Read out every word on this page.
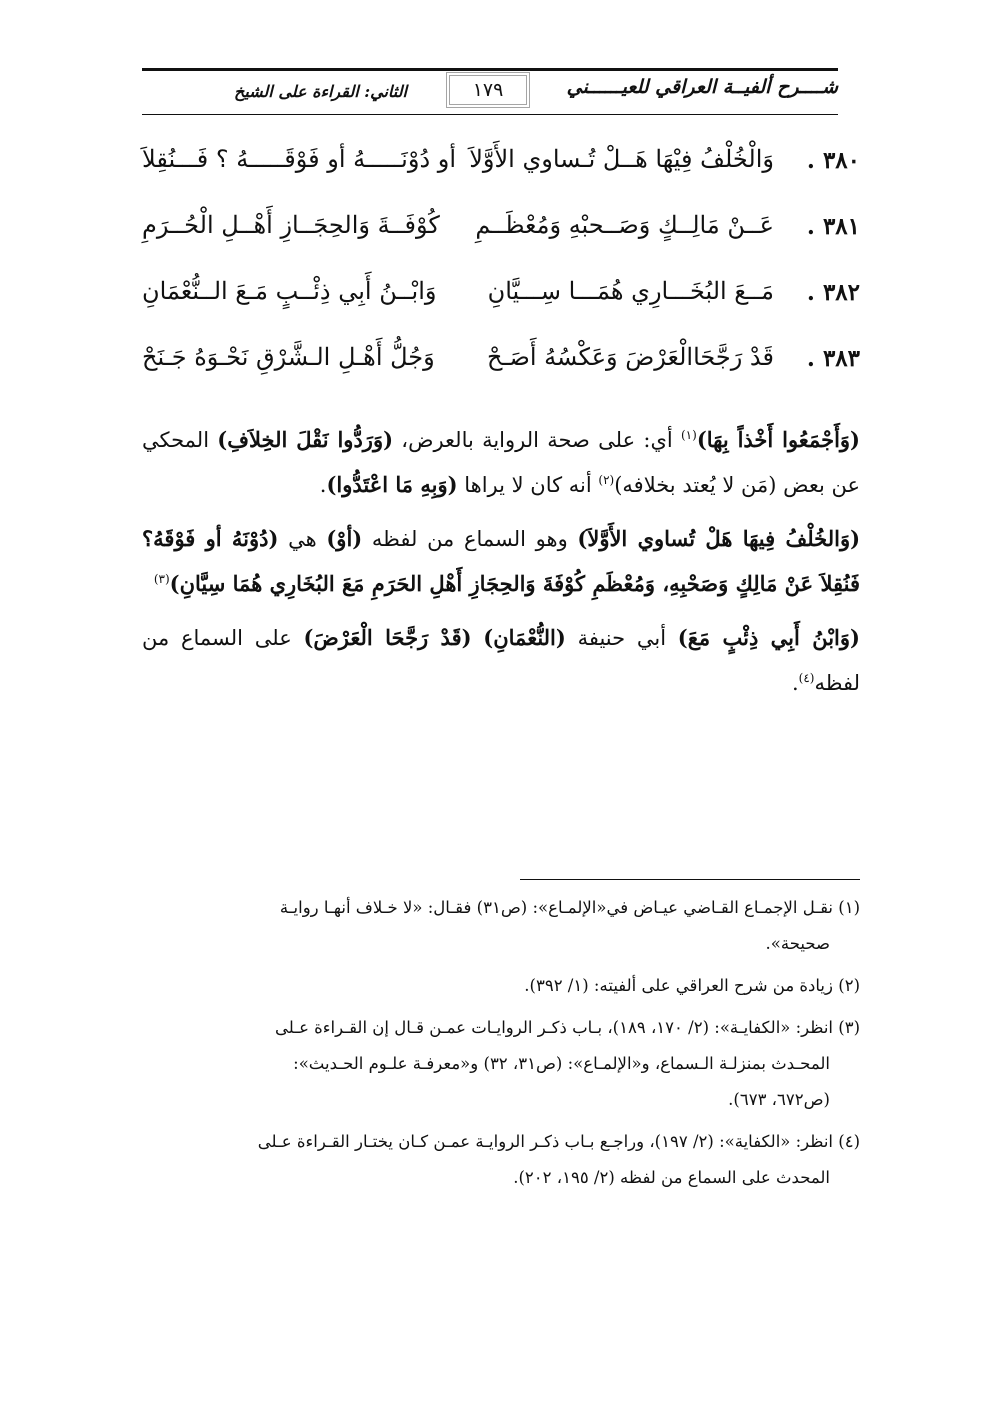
شــــرح ألفيــة العراقي للعيــــــني
١٧٩
الثاني: القراءة على الشيخ
٣٨٠ .
وَالْخُلْفُ فِيْهَا هَــلْ تُـساوي الأَوَّلاَ
أو دُوْنَـــــهُ أو فَوْقَـــــهُ ؟ فَـــنُقِلاَ
٣٨١ .
عَــنْ مَالِــكٍ وَصَــحبْهِ وَمُعْظَــمِ
كُوْفَــةَ وَالحِجَــازِ أَهْــلِ الْحُــرَمِ
٣٨٢ .
مَــعَ البُخَـــارِي هُمَـــا سِـــيَّانِ
وَابْــنُ أَبِي ذِئْــبٍ مَـعَ الــنُّعْمَانِ
٣٨٣ .
قَدْ رَجَّحَاالْعَرْضَ وَعَكْسُهُ أَصَـحْ
وَجُلُّ أَهْـلِ الـشَّرْقِ نَحْـوَهُ جَـنَحْ

(وَأَجْمَعُوا أَخْذاً بِهَا)$^{(١)}$ أي: على صحة الرواية بالعرض، (وَرَدُّوا نَقْلَ الخِلاَفِ) المحكي عن بعض (مَن لا يُعتد بخلافه)$^{(٢)}$ أنه كان لا يراها (وَبِهِ مَا اعْتَدُّوا).

(وَالخُلْفُ فِيهَا هَلْ تُساوي الأَوَّلاَ) وهو السماع من لفظه (أوْ) هي (دُوْنَهُ أو فَوْقَهُ؟ فَنُقِلاَ عَنْ مَالِكٍ وَصَحْبِهِ، وَمُعْظَمِ كُوْفَةَ وَالحِجَازِ أَهْلِ الحَرَمِ مَعَ البُخَارِي هُمَا سِيَّانِ)$^{(٣)}$

(وَابْنُ أَبِي ذِئْبٍ مَعَ) أبي حنيفة (النُّعْمَانِ) (قَدْ رَجَّحَا الْعَرْضَ) على السماع من لفظه$^{(٤)}$.

(١) نقـل الإجمـاع القـاضي عيـاض في«الإلمـاع»: (ص٣١) فقـال: «لا خـلاف أنهـا روايـة
صحيحة».
(٢) زيادة من شرح العراقي على ألفيته: (١/ ٣٩٢).
(٣) انظر: «الكفايـة»: (٢/ ١٧٠، ١٨٩)، بـاب ذكـر الروايـات عمـن قـال إن القـراءة عـلى
المحـدث بمنزلـة الـسماع، و«الإلمـاع»: (ص٣١، ٣٢) و«معرفـة علـوم الحـديث»:
(ص٦٧٢، ٦٧٣).
(٤) انظر: «الكفاية»: (٢/ ١٩٧)، وراجـع بـاب ذكـر الروايـة عمـن كـان يختـار القـراءة عـلى
المحدث على السماع من لفظه (٢/ ١٩٥، ٢٠٢).
